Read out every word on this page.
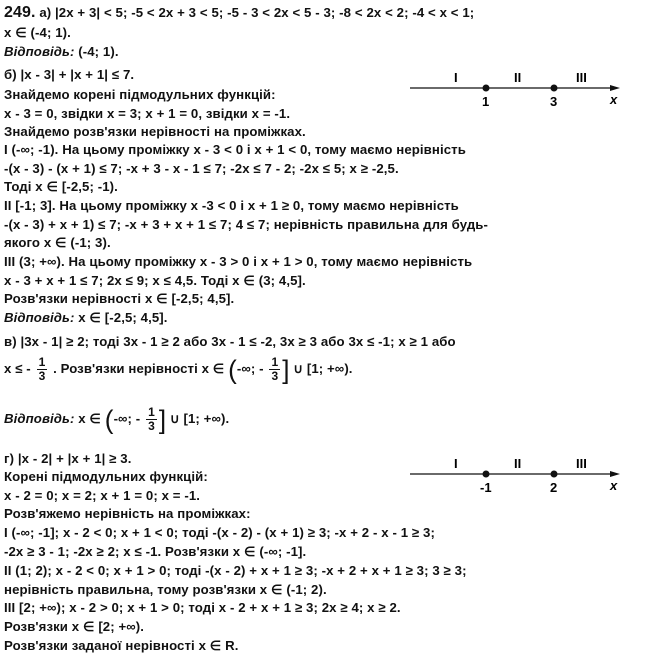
249. а) |2x + 3| < 5; -5 < 2x + 3 < 5; -5 - 3 < 2x < 5 - 3; -8 < 2x < 2; -4 < x < 1;
x ∈ (-4; 1).
Відповідь: (-4; 1).
б) |x - 3| + |x + 1| ≤ 7.
Знайдемо корені підмодульних функцій:
x - 3 = 0, звідки x = 3; x + 1 = 0, звідки x = -1.
Знайдемо розв'язки нерівності на проміжках.
I (-∞; -1). На цьому проміжку x - 3 < 0 і x + 1 < 0, тому маємо нерівність
-(x - 3) - (x + 1) ≤ 7; -x + 3 - x - 1 ≤ 7; -2x ≤ 7 - 2; -2x ≤ 5; x ≥ -2,5.
Тоді x ∈ [-2,5; -1).
II [-1; 3]. На цьому проміжку x -3 < 0 і x + 1 ≥ 0, тому маємо нерівність
-(x - 3) + x + 1) ≤ 7; -x + 3 + x + 1 ≤ 7; 4 ≤ 7; нерівність правильна для будь-
якого x ∈ (-1; 3).
III (3; +∞). На цьому проміжку x - 3 > 0 і x + 1 > 0, тому маємо нерівність
x - 3 + x + 1 ≤ 7; 2x ≤ 9; x ≤ 4,5. Тоді x ∈ (3; 4,5].
Розв'язки нерівності x ∈ [-2,5; 4,5].
Відповідь: x ∈ [-2,5; 4,5].
в) |3x - 1| ≥ 2; тоді 3x - 1 ≥ 2 або 3x - 1 ≤ -2, 3x ≥ 3 або 3x ≤ -1; x ≥ 1 або
x ≤ - $\frac{1}{3}$ . Розв'язки нерівності x ∈ (-∞; - $\frac{1}{3}$ ] ∪ [1; +∞).
Відповідь: x ∈ (-∞; - $\frac{1}{3}$ ] ∪ [1; +∞).
г) |x - 2| + |x + 1| ≥ 3.
Корені підмодульних функцій:
x - 2 = 0; x = 2; x + 1 = 0; x = -1.
Розв'яжемо нерівність на проміжках:
I (-∞; -1]; x - 2 < 0; x + 1 < 0; тоді -(x - 2) - (x + 1) ≥ 3; -x + 2 - x - 1 ≥ 3;
-2x ≥ 3 - 1; -2x ≥ 2; x ≤ -1. Розв'язки x ∈ (-∞; -1].
II (1; 2); x - 2 < 0; x + 1 > 0; тоді -(x - 2) + x + 1 ≥ 3; -x + 2 + x + 1 ≥ 3; 3 ≥ 3;
нерівність правильна, тому розв'язки x ∈ (-1; 2).
III [2; +∞); x - 2 > 0; x + 1 > 0; тоді x - 2 + x + 1 ≥ 3; 2x ≥ 4; x ≥ 2.
Розв'язки x ∈ [2; +∞).
Розв'язки заданої нерівності x ∈ R.
I	II	III
1	3	x
I	II	III
-1	2	x
